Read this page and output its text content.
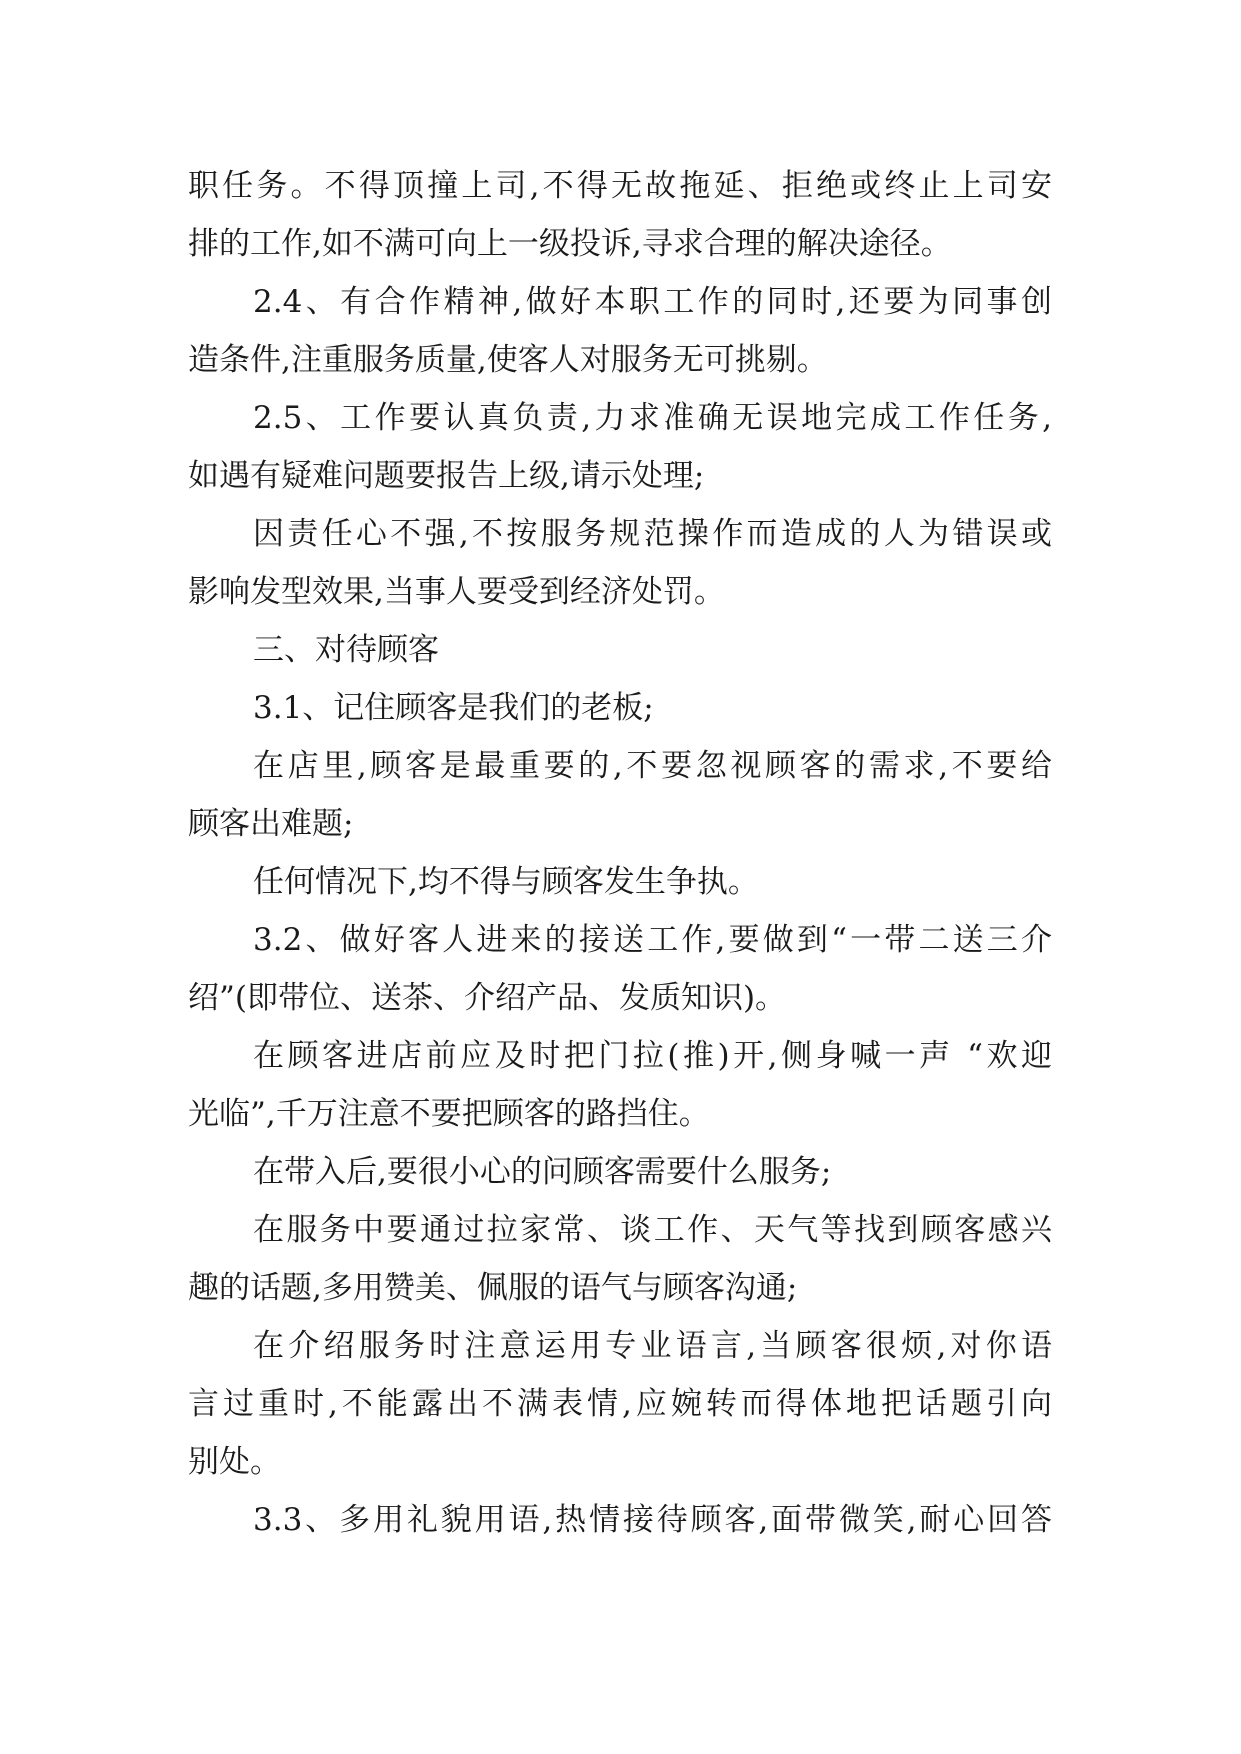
职任务。不得顶撞上司,不得无故拖延、拒绝或终止上司安
排的工作,如不满可向上一级投诉,寻求合理的解决途径。
2.4、有合作精神,做好本职工作的同时,还要为同事创
造条件,注重服务质量,使客人对服务无可挑剔。
2.5、工作要认真负责,力求准确无误地完成工作任务,
如遇有疑难问题要报告上级,请示处理;
因责任心不强,不按服务规范操作而造成的人为错误或
影响发型效果,当事人要受到经济处罚。
三、对待顾客
3.1、记住顾客是我们的老板;
在店里,顾客是最重要的,不要忽视顾客的需求,不要给
顾客出难题;
任何情况下,均不得与顾客发生争执。
3.2、做好客人进来的接送工作,要做到“一带二送三介
绍”(即带位、送茶、介绍产品、发质知识)。
在顾客进店前应及时把门拉(推)开,侧身喊一声 “欢迎
光临”,千万注意不要把顾客的路挡住。
在带入后,要很小心的问顾客需要什么服务;
在服务中要通过拉家常、谈工作、天气等找到顾客感兴
趣的话题,多用赞美、佩服的语气与顾客沟通;
在介绍服务时注意运用专业语言,当顾客很烦,对你语
言过重时,不能露出不满表情,应婉转而得体地把话题引向
别处。
3.3、多用礼貌用语,热情接待顾客,面带微笑,耐心回答
